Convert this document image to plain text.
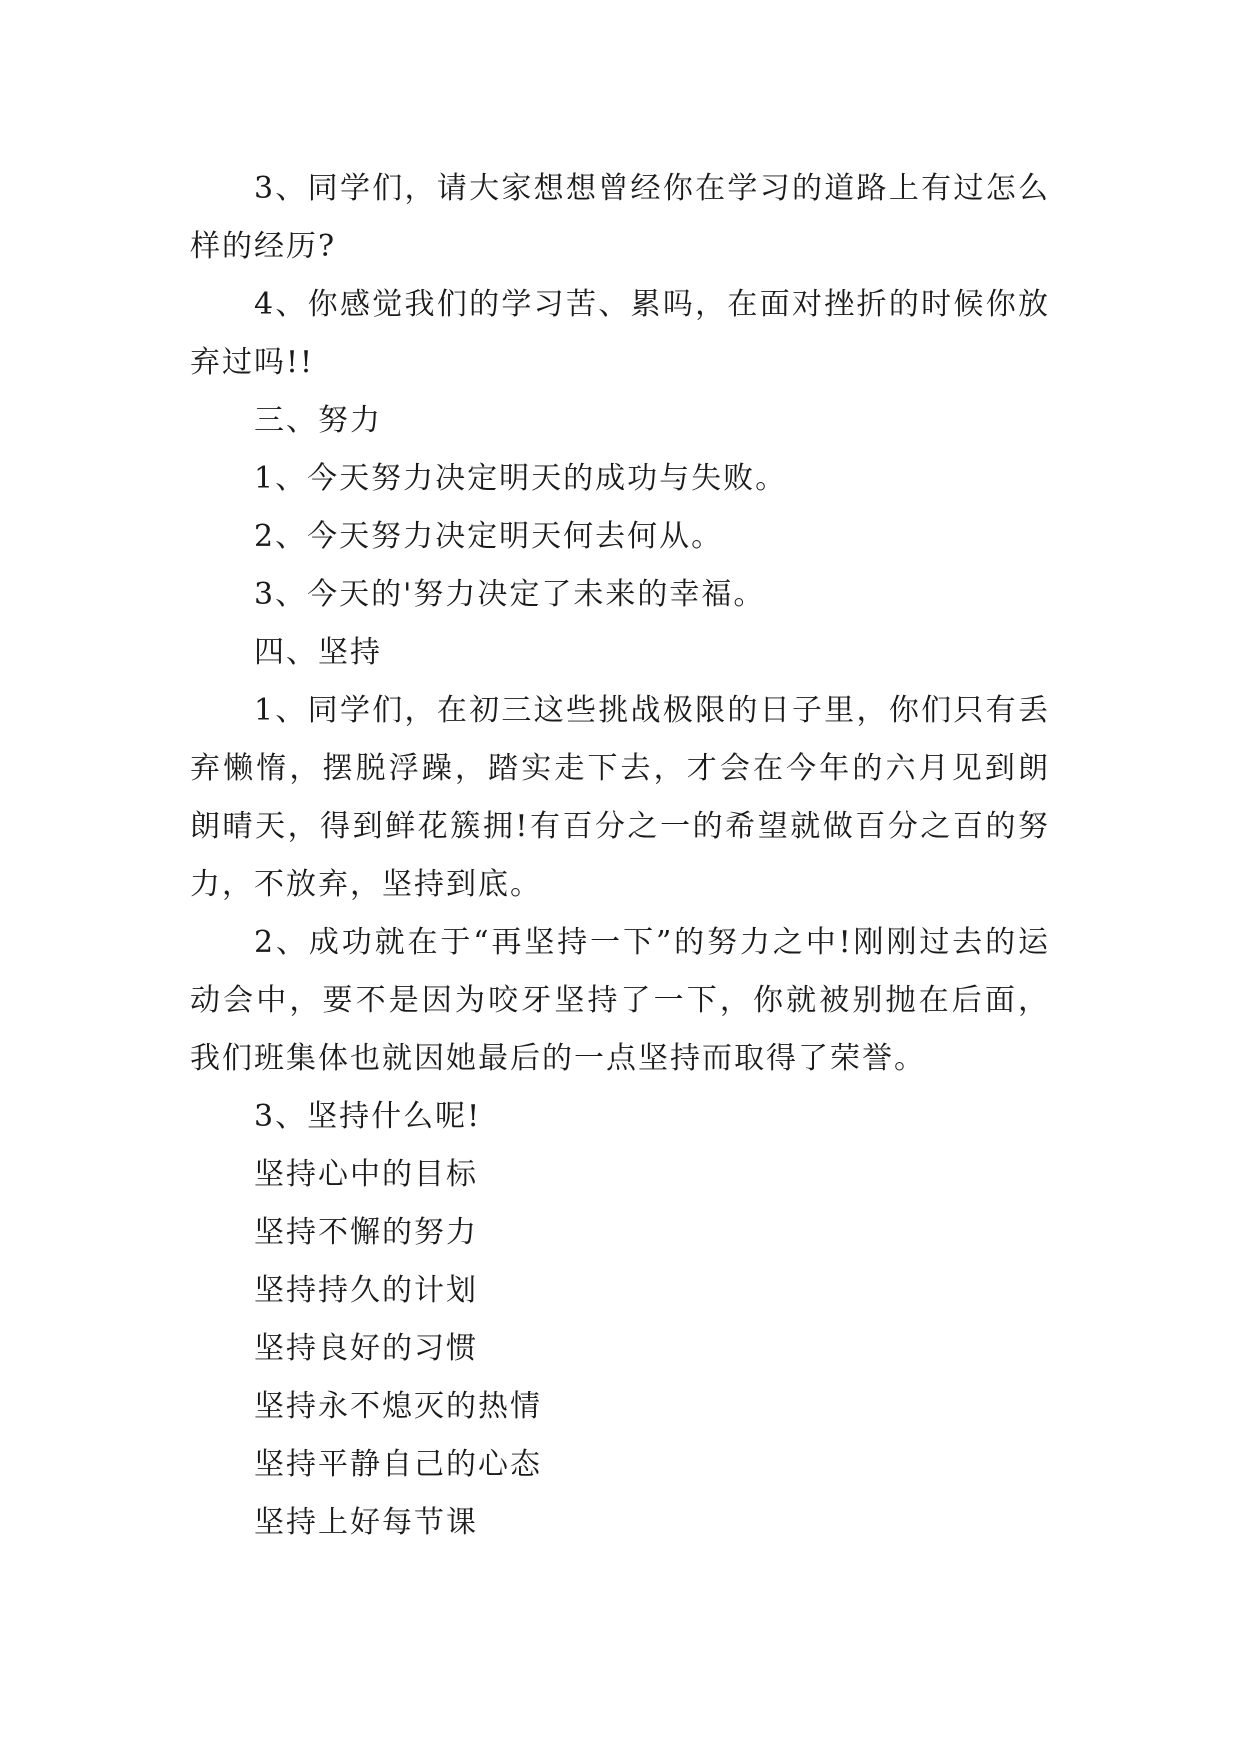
3、同学们，请大家想想曾经你在学习的道路上有过怎么样的经历?

4、你感觉我们的学习苦、累吗，在面对挫折的时候你放弃过吗!!

三、努力

1、今天努力决定明天的成功与失败。

2、今天努力决定明天何去何从。

3、今天的'努力决定了未来的幸福。

四、坚持

1、同学们，在初三这些挑战极限的日子里，你们只有丢弃懒惰，摆脱浮躁，踏实走下去，才会在今年的六月见到朗朗晴天，得到鲜花簇拥!有百分之一的希望就做百分之百的努力，不放弃，坚持到底。

2、成功就在于“再坚持一下”的努力之中!刚刚过去的运动会中，要不是因为咬牙坚持了一下，你就被别抛在后面，我们班集体也就因她最后的一点坚持而取得了荣誉。

3、坚持什么呢!

坚持心中的目标

坚持不懈的努力

坚持持久的计划

坚持良好的习惯

坚持永不熄灭的热情

坚持平静自己的心态

坚持上好每节课
